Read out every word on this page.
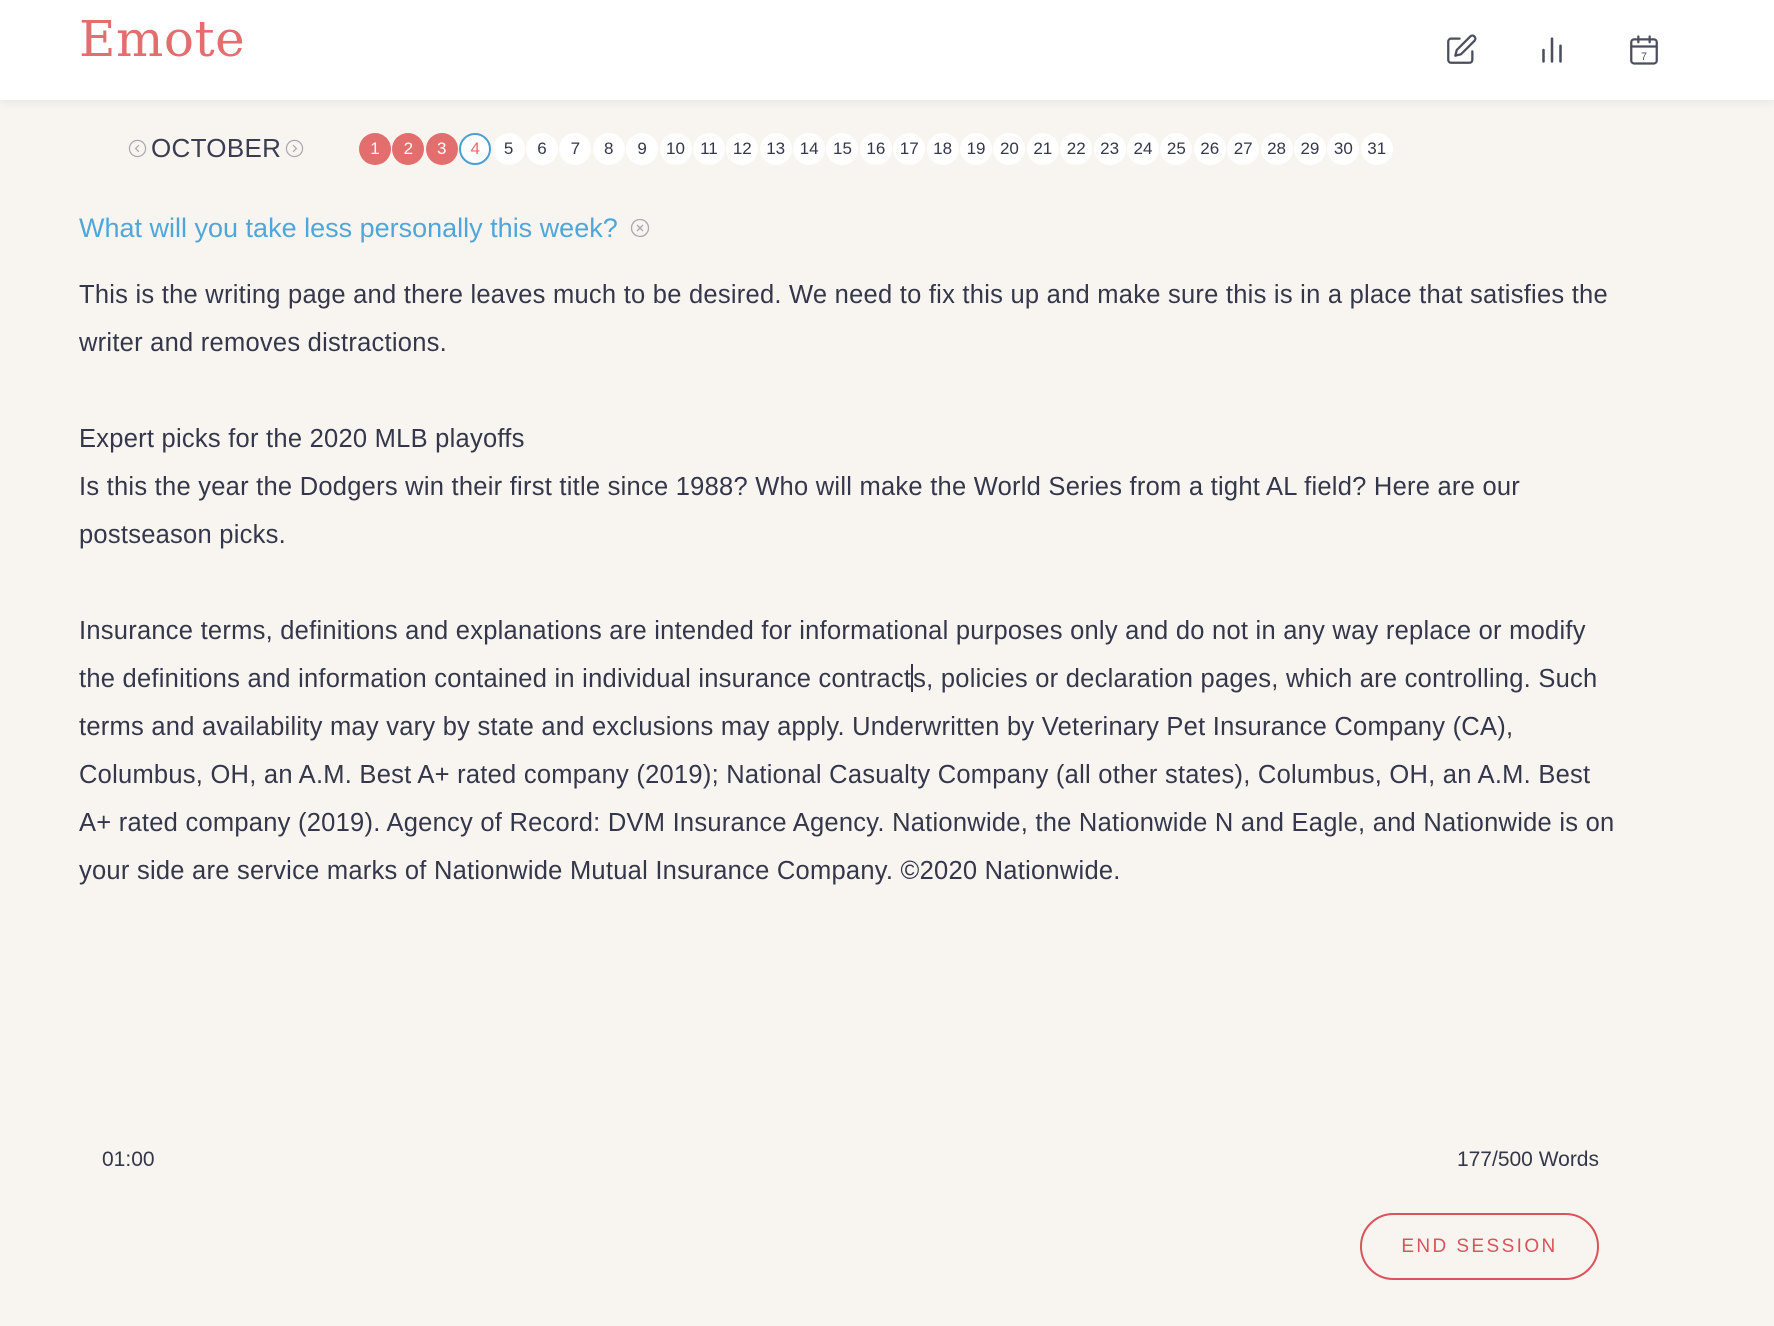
Emote	7
OCTOBER	1	2	3	4	5	6	7	8	9	10 11 12 13 14 15 16 17 18 19 20 21 22 23 24 25 26 27 28 29 30 31
What will you take less personally this week?

This is the writing page and there leaves much to be desired. We need to fix this up and make sure this is in a place that satisfies the writer and removes distractions.

Expert picks for the 2020 MLB playoffs

Is this the year the Dodgers win their first title since 1988? Who will make the World Series from a tight AL field? Here are our postseason picks.

Insurance terms, definitions and explanations are intended for informational purposes only and do not in any way replace or modify the definitions and information contained in individual insurance contracts, policies or declaration pages, which are controlling. Such terms and availability may vary by state and exclusions may apply. Underwritten by Veterinary Pet Insurance Company (CA), Columbus, OH, an A.M. Best A+ rated company (2019); National Casualty Company (all other states), Columbus, OH, an A.M. Best A+ rated company (2019). Agency of Record: DVM Insurance Agency. Nationwide, the Nationwide N and Eagle, and Nationwide is on your side are service marks of Nationwide Mutual Insurance Company. ©2020 Nationwide.

01:00	177/500 Words
END SESSION
